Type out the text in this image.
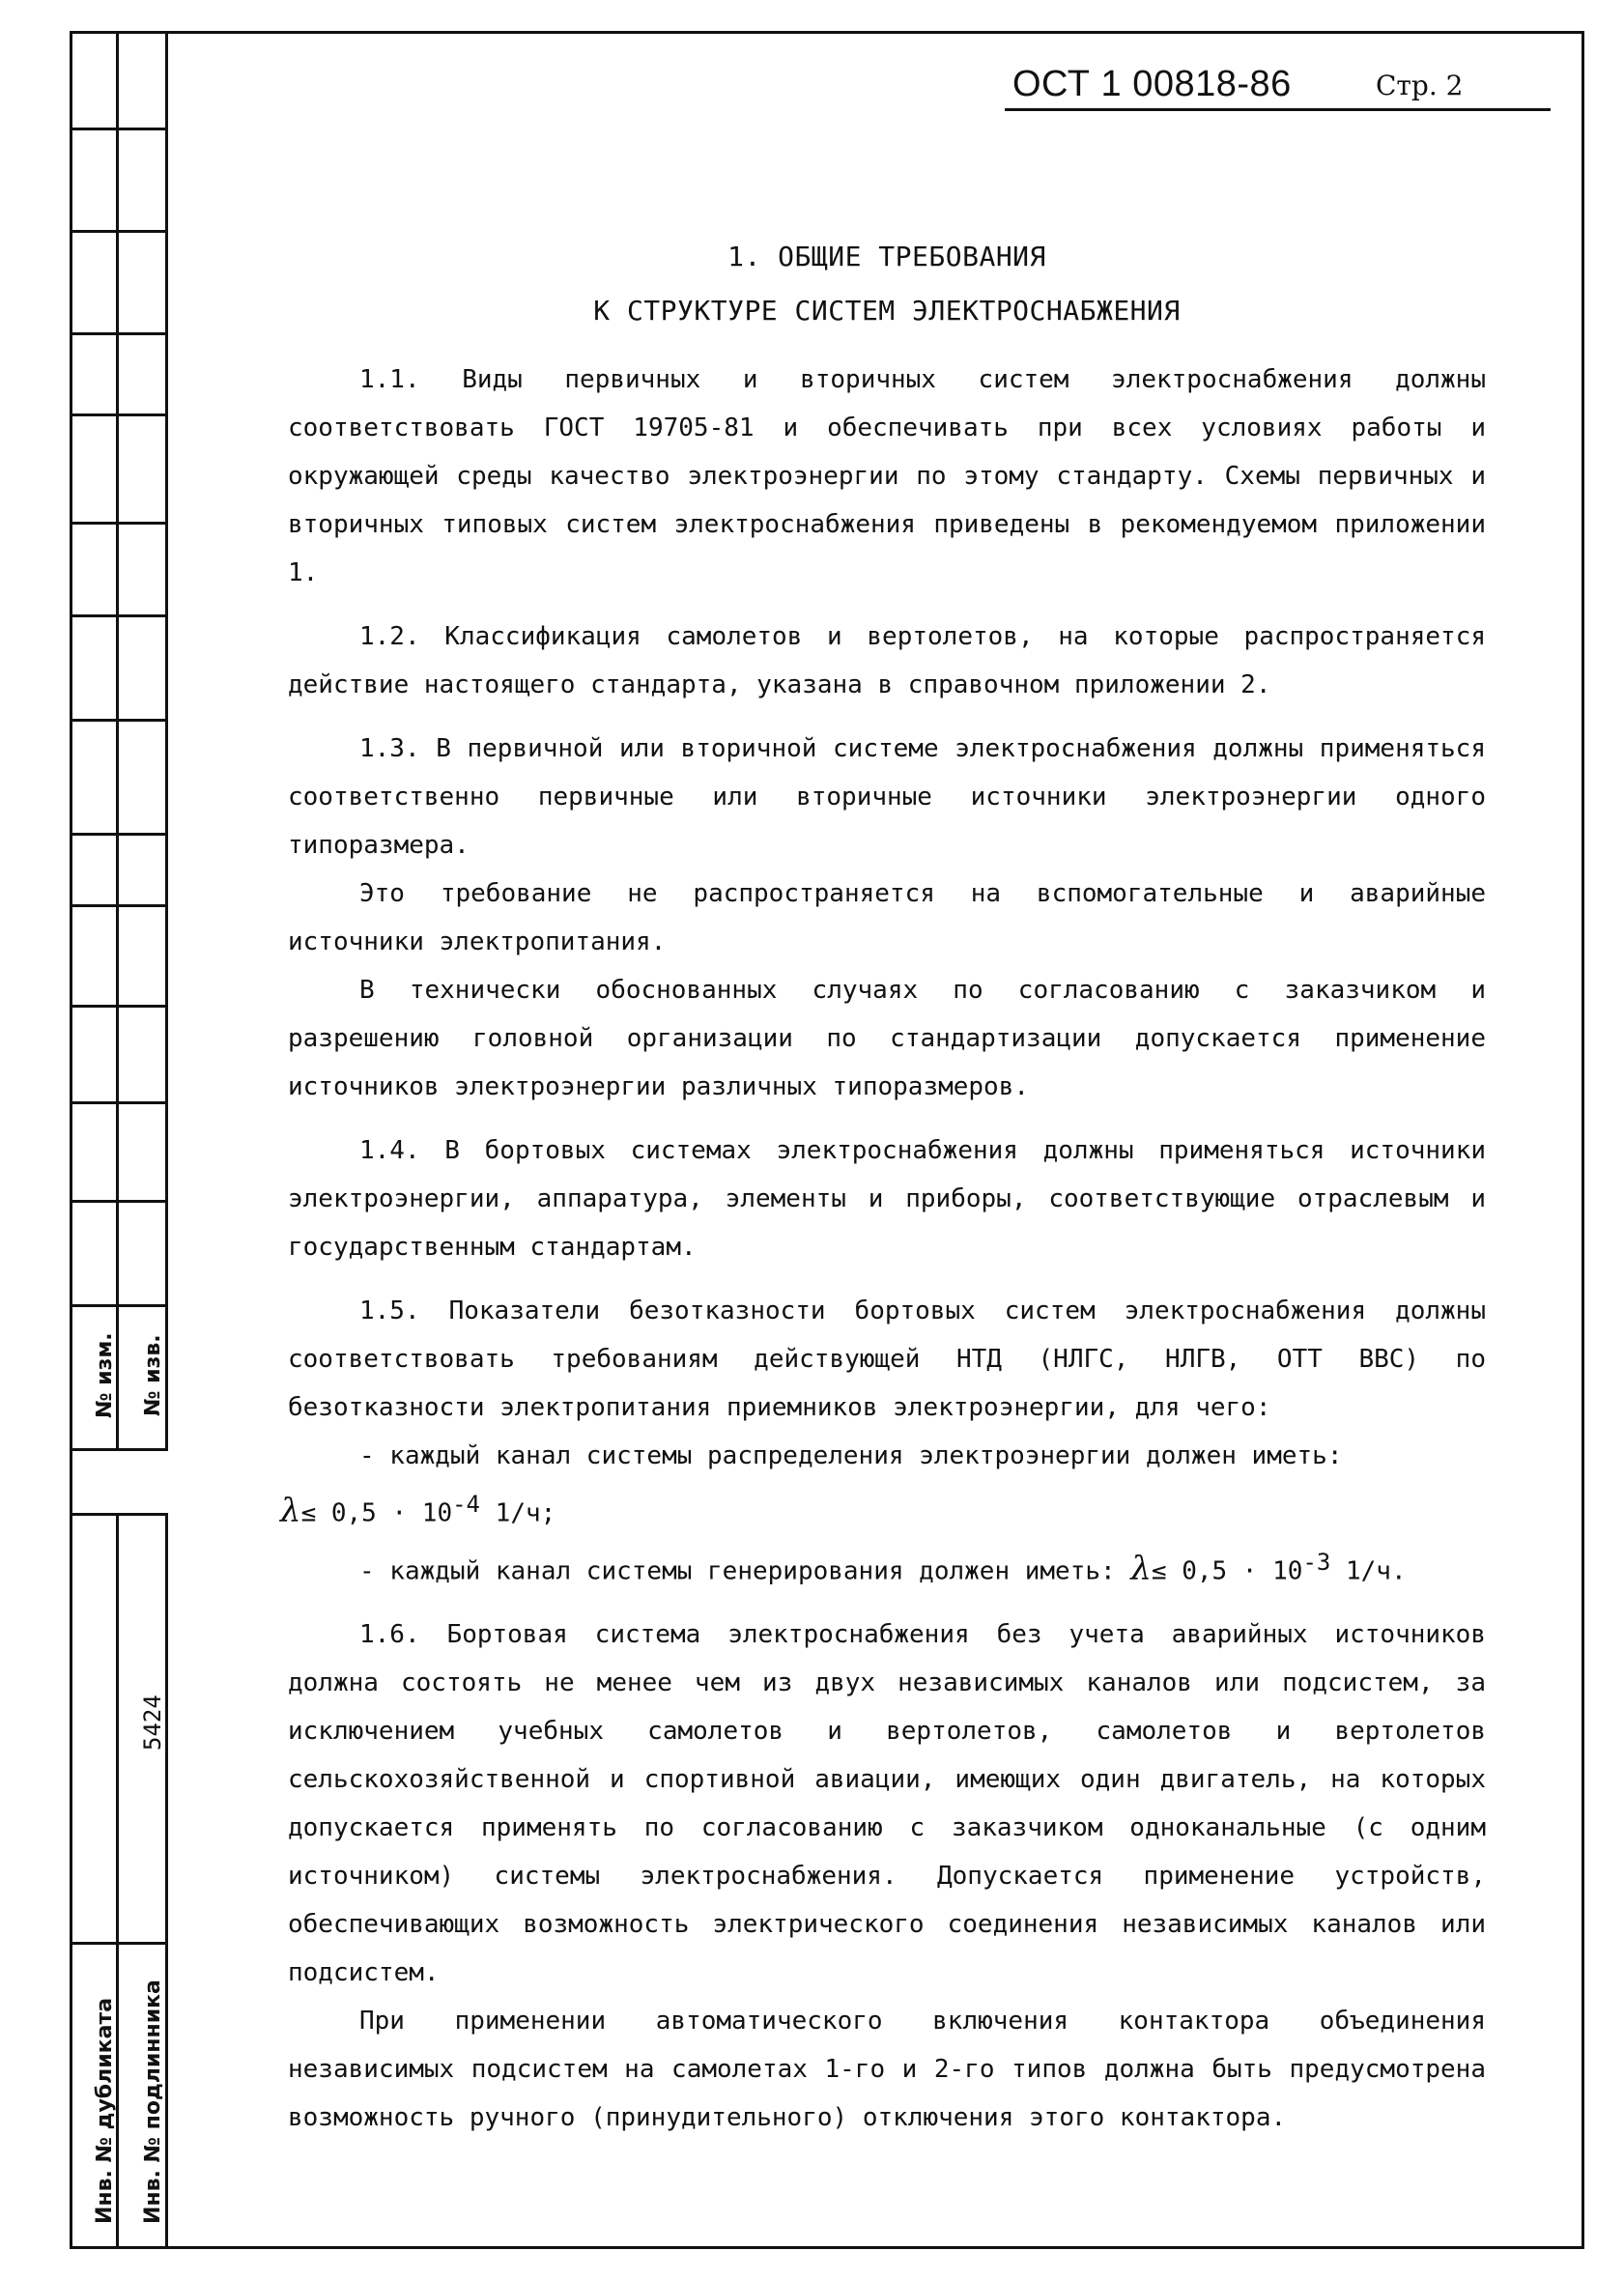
№ изм. № изв.
5424
Инв. № дубликата Инв. № подлинника
ОСТ 1 00818-86	Стр. 2
1. ОБЩИЕ ТРЕБОВАНИЯ
К СТРУКТУРЕ СИСТЕМ ЭЛЕКТРОСНАБЖЕНИЯ

1.1. Виды первичных и вторичных систем электроснабжения должны соответствовать ГОСТ 19705-81 и обеспечивать при всех условиях работы и окружающей среды качество электроэнергии по этому стандарту. Схемы первичных и вторичных типовых систем электроснабжения приведены в рекомендуемом приложении 1.

1.2. Классификация самолетов и вертолетов, на которые распространяется действие настоящего стандарта, указана в справочном приложении 2.

1.3. В первичной или вторичной системе электроснабжения должны применяться соответственно первичные или вторичные источники электроэнергии одного типоразмера.

Это требование не распространяется на вспомогательные и аварийные источники электропитания.

В технически обоснованных случаях по согласованию с заказчиком и разрешению головной организации по стандартизации допускается применение источников электроэнергии различных типоразмеров.

1.4. В бортовых системах электроснабжения должны применяться источники электроэнергии, аппаратура, элементы и приборы, соответствующие отраслевым и государственным стандартам.

1.5. Показатели безотказности бортовых систем электроснабжения должны соответствовать требованиям действующей НТД (НЛГС, НЛГВ, ОТТ ВВС) по безотказности электропитания приемников электроэнергии, для чего:

- каждый канал системы распределения электроэнергии должен иметь:

$\lambda\le 0,5 \cdot 10^{-4}$ 1/ч;

- каждый канал системы генерирования должен иметь: $\lambda\le 0,5 \cdot 10^{-3}$ 1/ч.

1.6. Бортовая система электроснабжения без учета аварийных источников должна состоять не менее чем из двух независимых каналов или подсистем, за исключением учебных самолетов и вертолетов, самолетов и вертолетов сельскохозяйственной и спортивной авиации, имеющих один двигатель, на которых допускается применять по согласованию с заказчиком одноканальные (с одним источником) системы электроснабжения. Допускается применение устройств, обеспечивающих возможность электрического соединения независимых каналов или подсистем.

При применении автоматического включения контактора объединения независимых подсистем на самолетах 1-го и 2-го типов должна быть предусмотрена возможность ручного (принудительного) отключения этого контактора.
